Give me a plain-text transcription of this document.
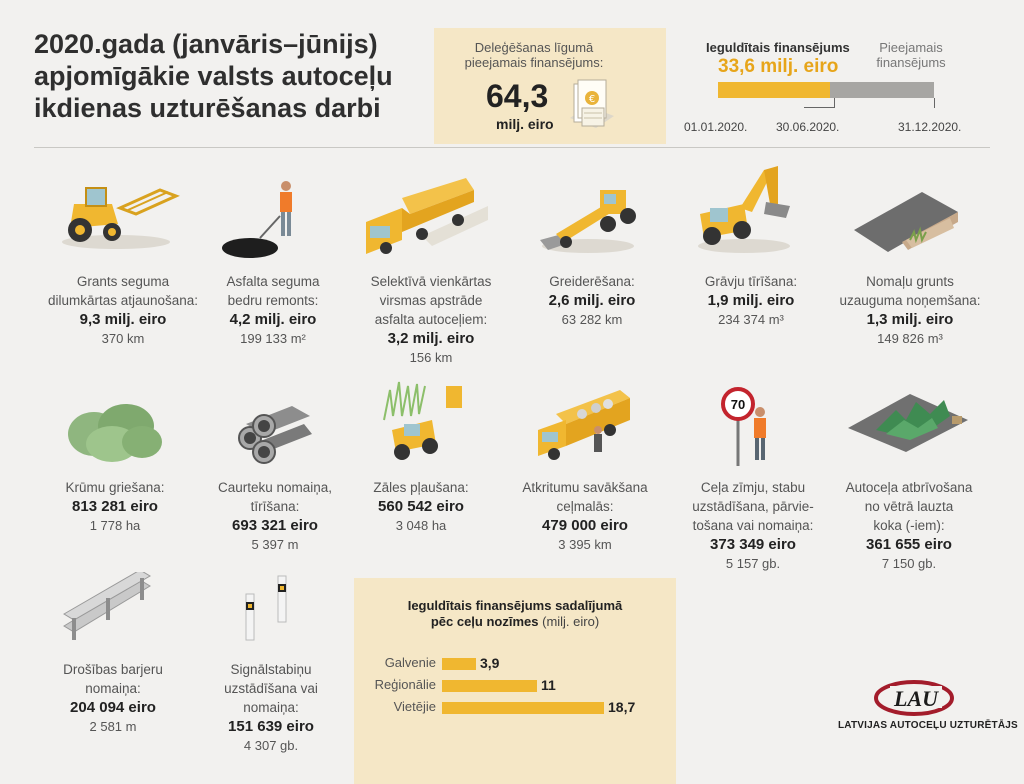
2020.gada (janvāris–jūnijs)
apjomīgākie valsts autoceļu
ikdienas uzturēšanas darbi
Deleģēšanas līgumā
pieejamais finansējums:
64,3
milj. eiro
€
Ieguldītais finansējums
33,6 milj. eiro
Pieejamais
finansējums
01.01.2020. 30.06.2020.	31.12.2020.
70
Grants seguma
dilumkārtas atjaunošana:
9,3 milj. eiro
370 km
Asfalta seguma
bedru remonts:
4,2 milj. eiro
199 133 m²
Selektīvā vienkārtas
virsmas apstrāde
asfalta autoceļiem:
3,2 milj. eiro
156 km
Greiderēšana:
2,6 milj. eiro
63 282 km
Grāvju tīrīšana:
1,9 milj. eiro
234 374 m³
Nomaļu grunts
uzauguma noņemšana:
1,3 milj. eiro
149 826 m³
Krūmu griešana:
813 281 eiro
1 778 ha
Caurteku nomaiņa,
tīrīšana:
693 321 eiro
5 397 m
Zāles pļaušana:
560 542 eiro
3 048 ha
Atkritumu savākšana
ceļmalās:
479 000 eiro
3 395 km
Ceļa zīmju, stabu
uzstādīšana, pārvie-
tošana vai nomaiņa:
373 349 eiro
5 157 gb.
Autoceļa atbrīvošana
no vētrā lauzta
koka (-iem):
361 655 eiro
7 150 gb.
Drošības barjeru
nomaiņa:
204 094 eiro
2 581 m
Signālstabiņu
uzstādīšana vai
nomaiņa:
151 639 eiro
4 307 gb.
Ieguldītais finansējums sadalījumā
pēc ceļu nozīmes (milj. eiro)
Galvenie	3,9
Reģionālie	11
Vietējie	18,7	LAU
LATVIJAS AUTOCEĻU UZTURĒTĀJS
